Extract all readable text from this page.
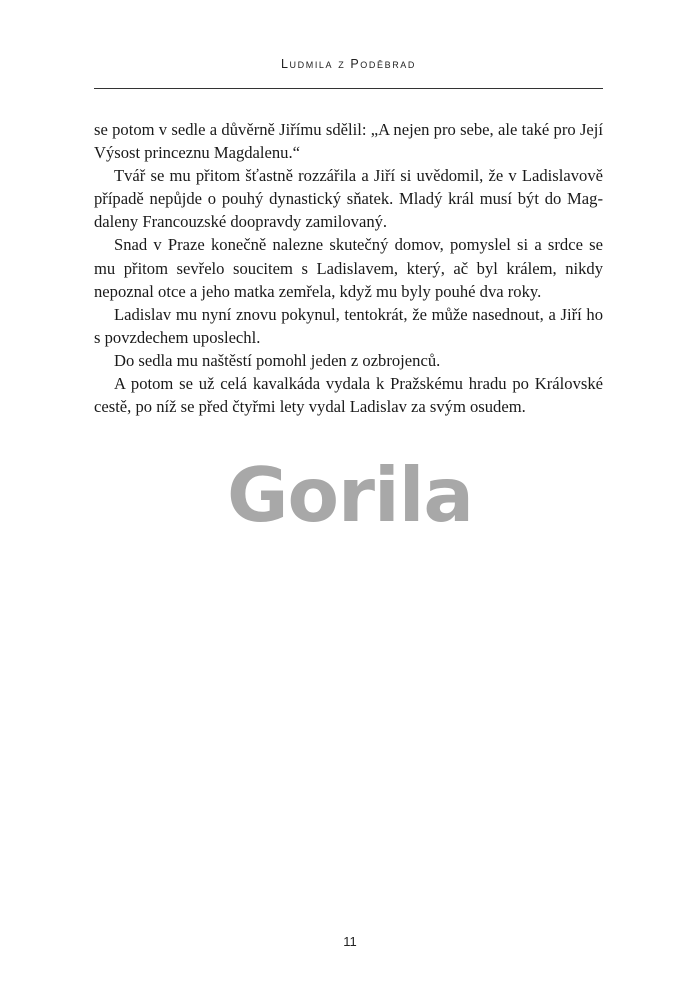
Ludmila z Poděbrad

se potom v sedle a důvěrně Jiřímu sdělil: „A nejen pro sebe, ale také pro Její Výsost princeznu Magdalenu.“

Tvář se mu přitom šťastně rozzářila a Jiří si uvědomil, že v Ladislavově případě nepůjde o pouhý dynastický sňatek. Mladý král musí být do Magdaleny Francouzské doopravdy zamilovaný.

Snad v Praze konečně nalezne skutečný domov, pomyslel si a srdce se mu přitom sevřelo soucitem s Ladislavem, který, ač byl králem, nikdy nepoznal otce a jeho matka zemřela, když mu byly pouhé dva roky.

Ladislav mu nyní znovu pokynul, tentokrát, že může nasednout, a Jiří ho s povzdechem uposlechl.

Do sedla mu naštěstí pomohl jeden z ozbrojenců.

A potom se už celá kavalkáda vydala k Pražskému hradu po Královské cestě, po níž se před čtyřmi lety vydal Ladislav za svým osudem.

Gorila
11
